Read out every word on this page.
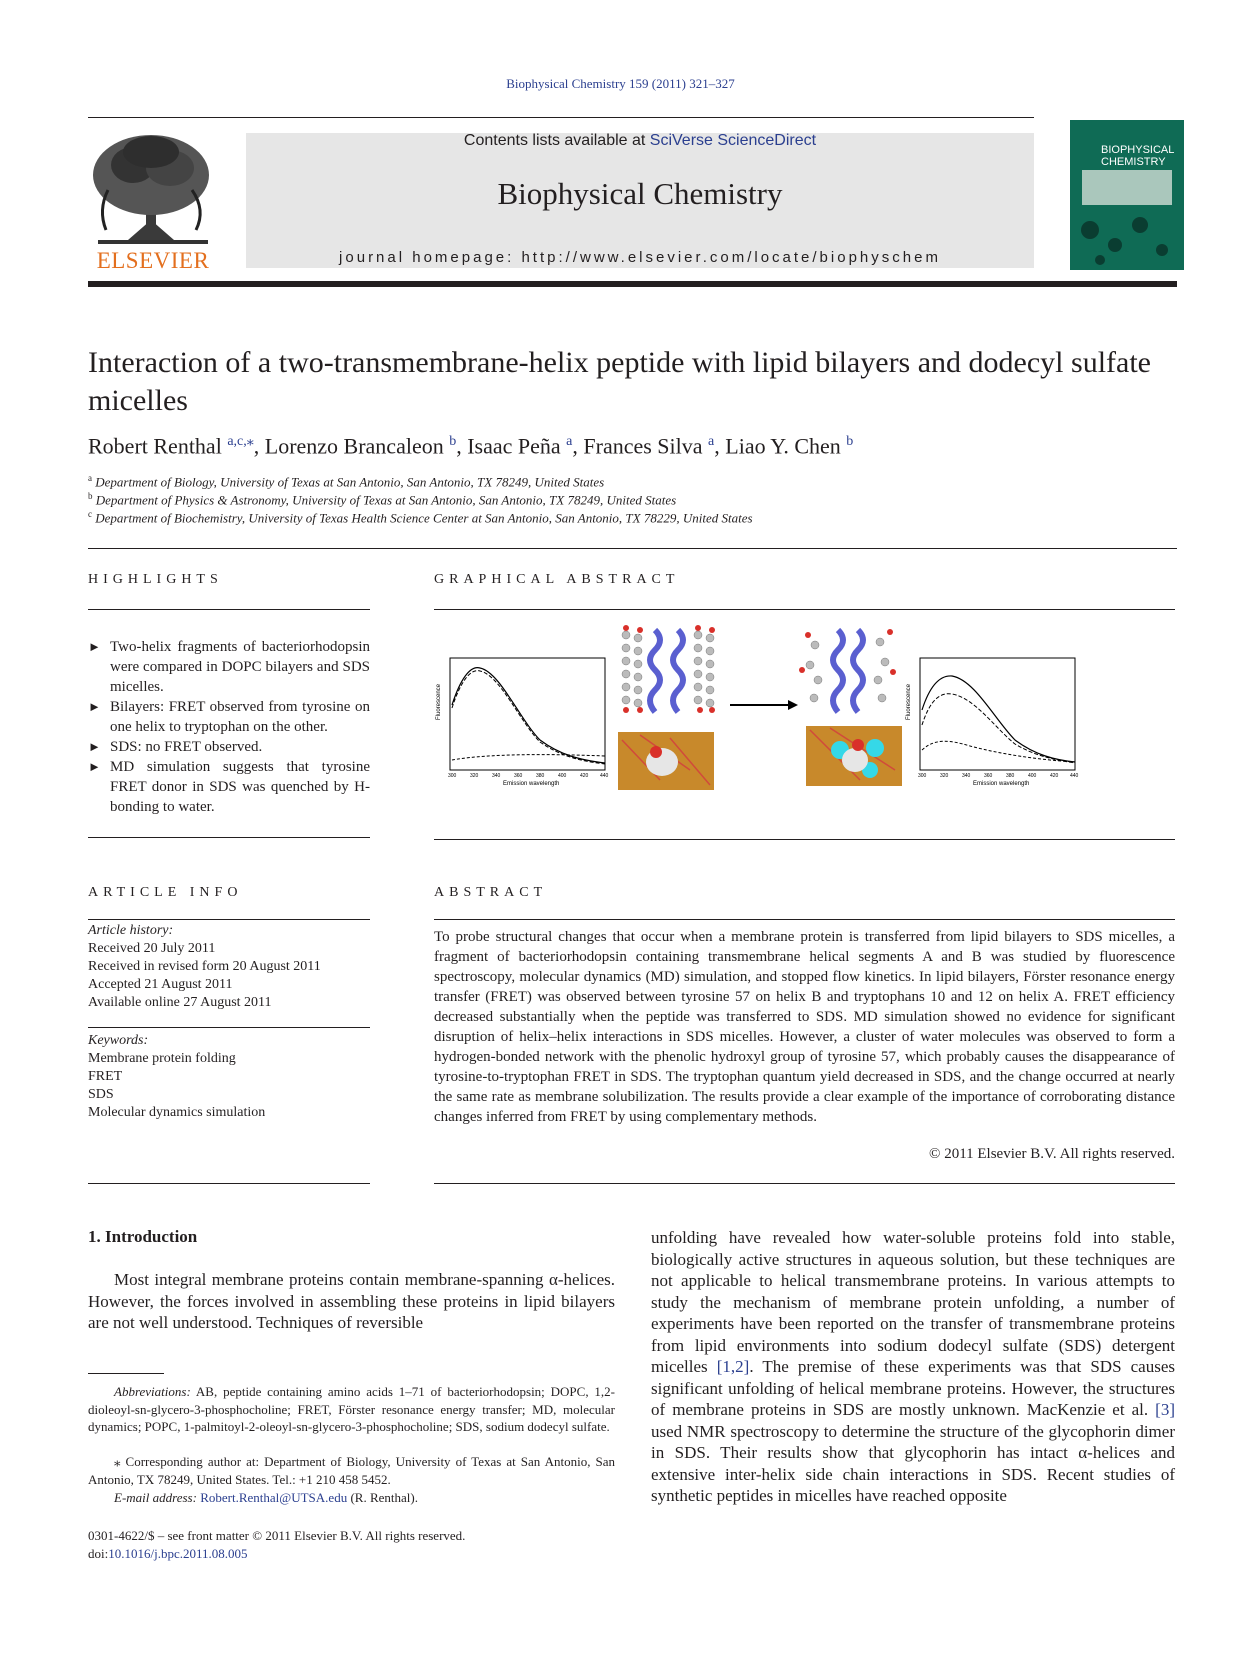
Biophysical Chemistry 159 (2011) 321–327
Contents lists available at SciVerse ScienceDirect
Biophysical Chemistry
journal homepage: http://www.elsevier.com/locate/biophyschem
ELSEVIER
BIOPHYSICAL CHEMISTRY
Interaction of a two-transmembrane-helix peptide with lipid bilayers and dodecyl sulfate micelles
Robert Renthal $^{a,c,⁎}$, Lorenzo Brancaleon $^b$, Isaac Peña $^a$, Frances Silva $^a$, Liao Y. Chen $^b$
$^a$ Department of Biology, University of Texas at San Antonio, San Antonio, TX 78249, United States
$^b$ Department of Physics & Astronomy, University of Texas at San Antonio, San Antonio, TX 78249, United States
$^c$ Department of Biochemistry, University of Texas Health Science Center at San Antonio, San Antonio, TX 78229, United States
HIGHLIGHTS
► Two-helix fragments of bacteriorhodopsin were compared in DOPC bilayers and SDS micelles.
► Bilayers: FRET observed from tyrosine on one helix to tryptophan on the other.
► SDS: no FRET observed.
► MD simulation suggests that tyrosine FRET donor in SDS was quenched by H-bonding to water.
GRAPHICAL ABSTRACT
Fluorescence
Emission wavelength
300	320	340	360	380	400	420 440
Fluorescence
Emission wavelength
300	320	340	360	380	400	420 440
ARTICLE INFO
Article history:
Received 20 July 2011
Received in revised form 20 August 2011
Accepted 21 August 2011
Available online 27 August 2011
Keywords:
Membrane protein folding
FRET
SDS
Molecular dynamics simulation
ABSTRACT
To probe structural changes that occur when a membrane protein is transferred from lipid bilayers to SDS micelles, a fragment of bacteriorhodopsin containing transmembrane helical segments A and B was studied by fluorescence spectroscopy, molecular dynamics (MD) simulation, and stopped flow kinetics. In lipid bilayers, Förster resonance energy transfer (FRET) was observed between tyrosine 57 on helix B and tryptophans 10 and 12 on helix A. FRET efficiency decreased substantially when the peptide was transferred to SDS. MD simulation showed no evidence for significant disruption of helix–helix interactions in SDS micelles. However, a cluster of water molecules was observed to form a hydrogen-bonded network with the phenolic hydroxyl group of tyrosine 57, which probably causes the disappearance of tyrosine-to-tryptophan FRET in SDS. The tryptophan quantum yield decreased in SDS, and the change occurred at nearly the same rate as membrane solubilization. The results provide a clear example of the importance of corroborating distance changes inferred from FRET by using complementary methods.
© 2011 Elsevier B.V. All rights reserved.
1. Introduction
Most integral membrane proteins contain membrane-spanning α-helices. However, the forces involved in assembling these proteins in lipid bilayers are not well understood. Techniques of reversible
unfolding have revealed how water-soluble proteins fold into stable, biologically active structures in aqueous solution, but these techniques are not applicable to helical transmembrane proteins. In various attempts to study the mechanism of membrane protein unfolding, a number of experiments have been reported on the transfer of transmembrane proteins from lipid environments into sodium dodecyl sulfate (SDS) detergent micelles [1,2]. The premise of these experiments was that SDS causes significant unfolding of helical membrane proteins. However, the structures of membrane proteins in SDS are mostly unknown. MacKenzie et al. [3] used NMR spectroscopy to determine the structure of the glycophorin dimer in SDS. Their results show that glycophorin has intact α-helices and extensive inter-helix side chain interactions in SDS. Recent studies of synthetic peptides in micelles have reached opposite
Abbreviations: AB, peptide containing amino acids 1–71 of bacteriorhodopsin; DOPC, 1,2-dioleoyl-sn-glycero-3-phosphocholine; FRET, Förster resonance energy transfer; MD, molecular dynamics; POPC, 1-palmitoyl-2-oleoyl-sn-glycero-3-phosphocholine; SDS, sodium dodecyl sulfate.
⁎ Corresponding author at: Department of Biology, University of Texas at San Antonio, San Antonio, TX 78249, United States. Tel.: +1 210 458 5452.
E-mail address: Robert.Renthal@UTSA.edu (R. Renthal).
0301-4622/$ – see front matter © 2011 Elsevier B.V. All rights reserved.
doi:10.1016/j.bpc.2011.08.005
